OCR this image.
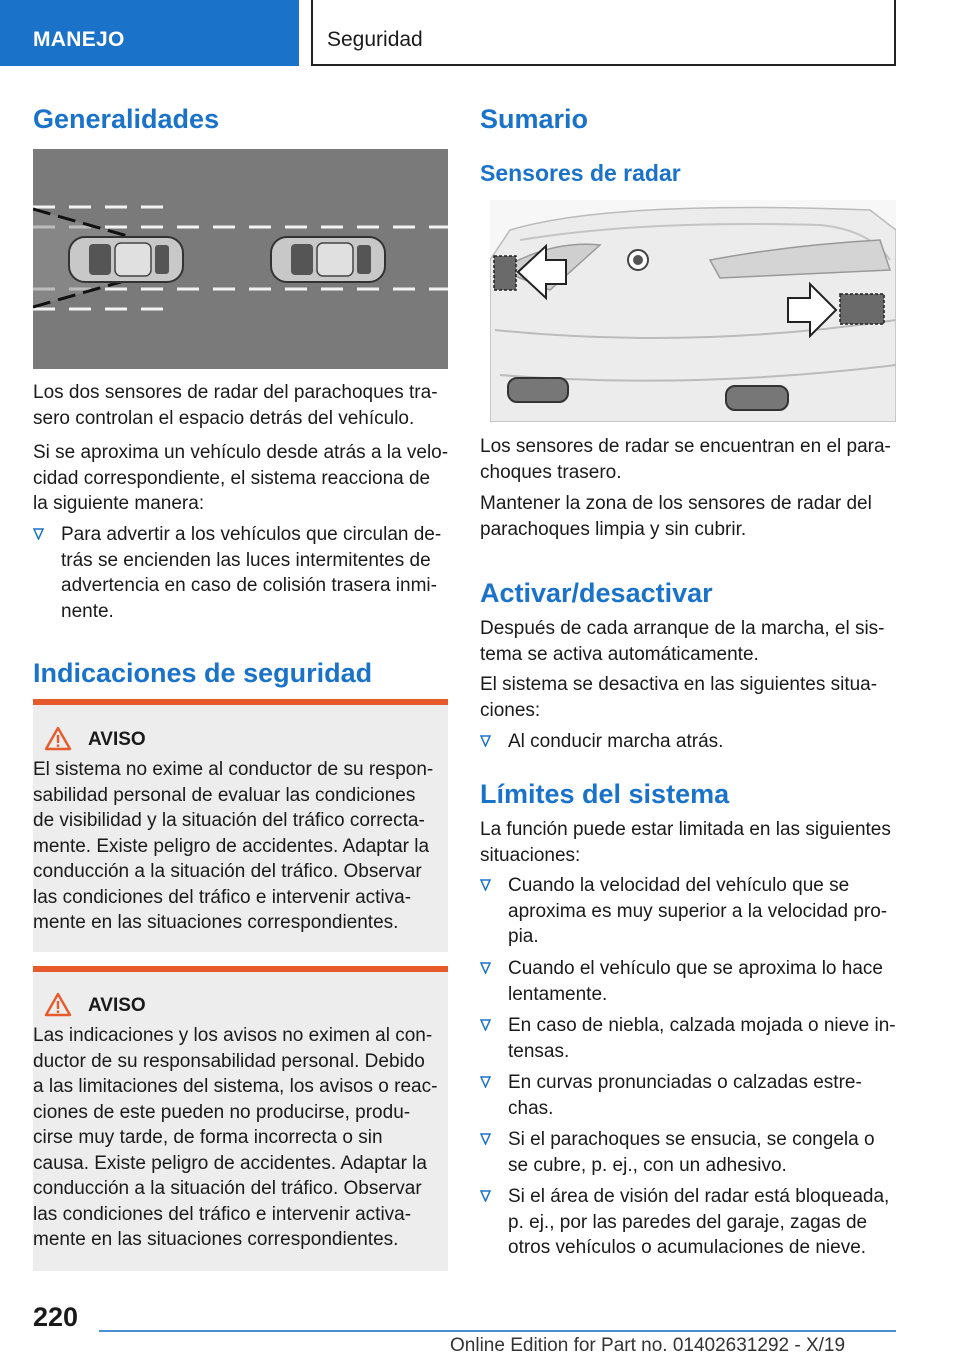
MANEJO	Seguridad
Generalidades
Los dos sensores de radar del parachoques tra-
sero controlan el espacio detrás del vehículo.
Si se aproxima un vehículo desde atrás a la velo-
cidad correspondiente, el sistema reacciona de
la siguiente manera:
Para advertir a los vehículos que circulan de-
trás se encienden las luces intermitentes de
advertencia en caso de colisión trasera inmi-
nente.
Indicaciones de seguridad
AVISO
El sistema no exime al conductor de su respon-
sabilidad personal de evaluar las condiciones
de visibilidad y la situación del tráfico correcta-
mente. Existe peligro de accidentes. Adaptar la
conducción a la situación del tráfico. Observar
las condiciones del tráfico e intervenir activa-
mente en las situaciones correspondientes.
AVISO
Las indicaciones y los avisos no eximen al con-
ductor de su responsabilidad personal. Debido
a las limitaciones del sistema, los avisos o reac-
ciones de este pueden no producirse, produ-
cirse muy tarde, de forma incorrecta o sin
causa. Existe peligro de accidentes. Adaptar la
conducción a la situación del tráfico. Observar
las condiciones del tráfico e intervenir activa-
mente en las situaciones correspondientes.
Sumario
Sensores de radar
Los sensores de radar se encuentran en el para-
choques trasero.
Mantener la zona de los sensores de radar del
parachoques limpia y sin cubrir.
Activar/desactivar
Después de cada arranque de la marcha, el sis-
tema se activa automáticamente.
El sistema se desactiva en las siguientes situa-
ciones:
Al conducir marcha atrás.
Límites del sistema
La función puede estar limitada en las siguientes
situaciones:
Cuando la velocidad del vehículo que se
aproxima es muy superior a la velocidad pro-
pia.
Cuando el vehículo que se aproxima lo hace
lentamente.
En caso de niebla, calzada mojada o nieve in-
tensas.
En curvas pronunciadas o calzadas estre-
chas.
Si el parachoques se ensucia, se congela o
se cubre, p. ej., con un adhesivo.
Si el área de visión del radar está bloqueada,
p. ej., por las paredes del garaje, zagas de
otros vehículos o acumulaciones de nieve.
220
Online Edition for Part no. 01402631292 - X/19
